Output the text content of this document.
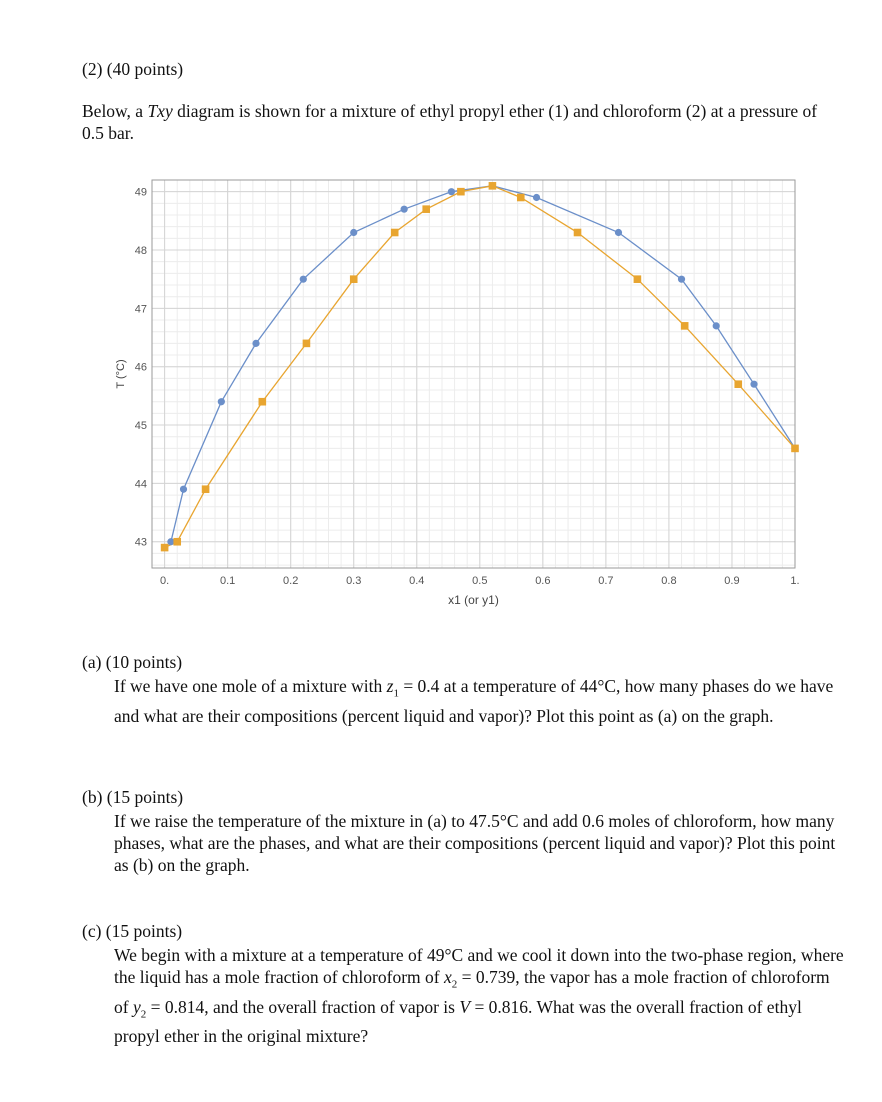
(2) (40 points)
Below, a Txy diagram is shown for a mixture of ethyl propyl ether (1) and chloroform (2) at a pressure of 0.5 bar.
0.	0.1	0.2	0.3	0.4	0.5	0.6	0.7	0.8	0.9	1.
43
44
45
46
47
48
49
x1 (or y1)
T (°C)
(a) (10 points)
If we have one mole of a mixture with $z_1 = 0.4$ at a temperature of 44°C, how many phases do we have and what are their compositions (percent liquid and vapor)? Plot this point as (a) on the graph.
(b) (15 points)
If we raise the temperature of the mixture in (a) to 47.5°C and add 0.6 moles of chloroform, how many phases, what are the phases, and what are their compositions (percent liquid and vapor)? Plot this point as (b) on the graph.
(c) (15 points)
We begin with a mixture at a temperature of 49°C and we cool it down into the two-phase region, where the liquid has a mole fraction of chloroform of $x_2 = 0.739$, the vapor has a mole fraction of chloroform of $y_2 = 0.814$, and the overall fraction of vapor is V = 0.816. What was the overall fraction of ethyl propyl ether in the original mixture?
